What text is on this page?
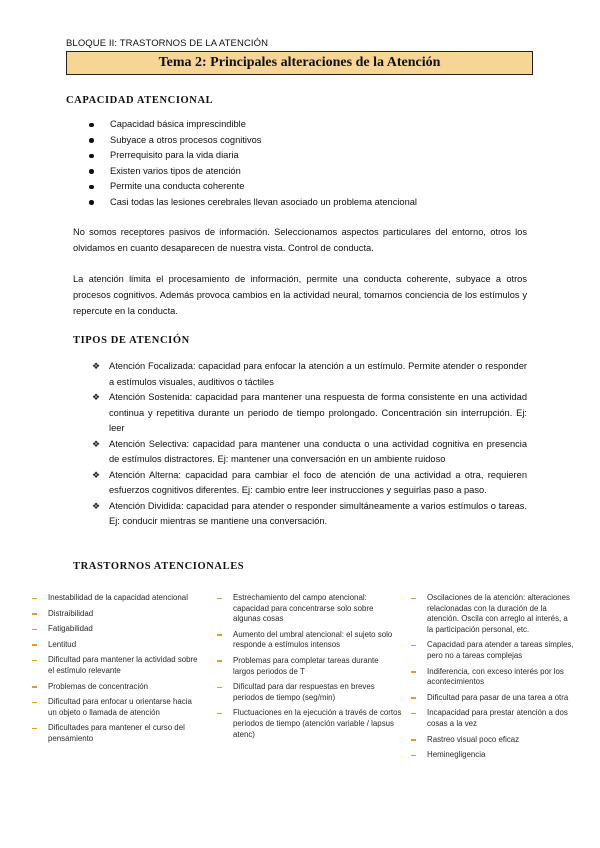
BLOQUE II: TRASTORNOS DE LA ATENCIÓN
Tema 2: Principales alteraciones de la Atención
CAPACIDAD ATENCIONAL
Capacidad básica imprescindible
Subyace a otros procesos cognitivos
Prerrequisito para la vida diaria
Existen varios tipos de atención
Permite una conducta coherente
Casi todas las lesiones cerebrales llevan asociado un problema atencional

No somos receptores pasivos de información. Seleccionamos aspectos particulares del entorno, otros los olvidamos en cuanto desaparecen de nuestra vista. Control de conducta.

La atención limita el procesamiento de información, permite una conducta coherente, subyace a otros procesos cognitivos. Además provoca cambios en la actividad neural, tomamos conciencia de los estímulos y repercute en la conducta.

TIPOS DE ATENCIÓN
❖ Atención Focalizada: capacidad para enfocar la atención a un estímulo. Permite atender o responder a estímulos visuales, auditivos o táctiles
❖ Atención Sostenida: capacidad para mantener una respuesta de forma consistente en una actividad continua y repetitiva durante un periodo de tiempo prolongado. Concentración sin interrupción. Ej: leer
❖ Atención Selectiva: capacidad para mantener una conducta o una actividad cognitiva en presencia de estímulos distractores. Ej: mantener una conversación en un ambiente ruidoso
❖ Atención Alterna: capacidad para cambiar el foco de atención de una actividad a otra, requieren esfuerzos cognitivos diferentes. Ej: cambio entre leer instrucciones y seguirlas paso a paso.
❖ Atención Dividida: capacidad para atender o responder simultáneamente a varios estímulos o tareas. Ej: conducir mientras se mantiene una conversación.
TRASTORNOS ATENCIONALES
Inestabilidad de la capacidad atencional
Distraibilidad
Fatigabilidad
Lentitud
Dificultad para mantener la actividad sobre el estímulo relevante
Problemas de concentración
Dificultad para enfocar u orientarse hacia un objeto o llamada de atención
Dificultades para mantener el curso del pensamiento
Estrechamiento del campo atencional: capacidad para concentrarse solo sobre algunas cosas
Aumento del umbral atencional: el sujeto solo responde a estímulos intensos
Problemas para completar tareas durante largos periodos de T
Dificultad para dar respuestas en breves periodos de tiempo (seg/min)
Fluctuaciones en la ejecución a través de cortos periodos de tiempo (atención variable / lapsus atenc)
Oscilaciones de la atención: alteraciones relacionadas con la duración de la atención. Oscila con arreglo al interés, a la participación personal, etc.
Capacidad para atender a tareas simples, pero no a tareas complejas
Indiferencia, con exceso interés por los acontecimientos
Dificultad para pasar de una tarea a otra
Incapacidad para prestar atención a dos cosas a la vez
Rastreo visual poco eficaz
Heminegligencia
